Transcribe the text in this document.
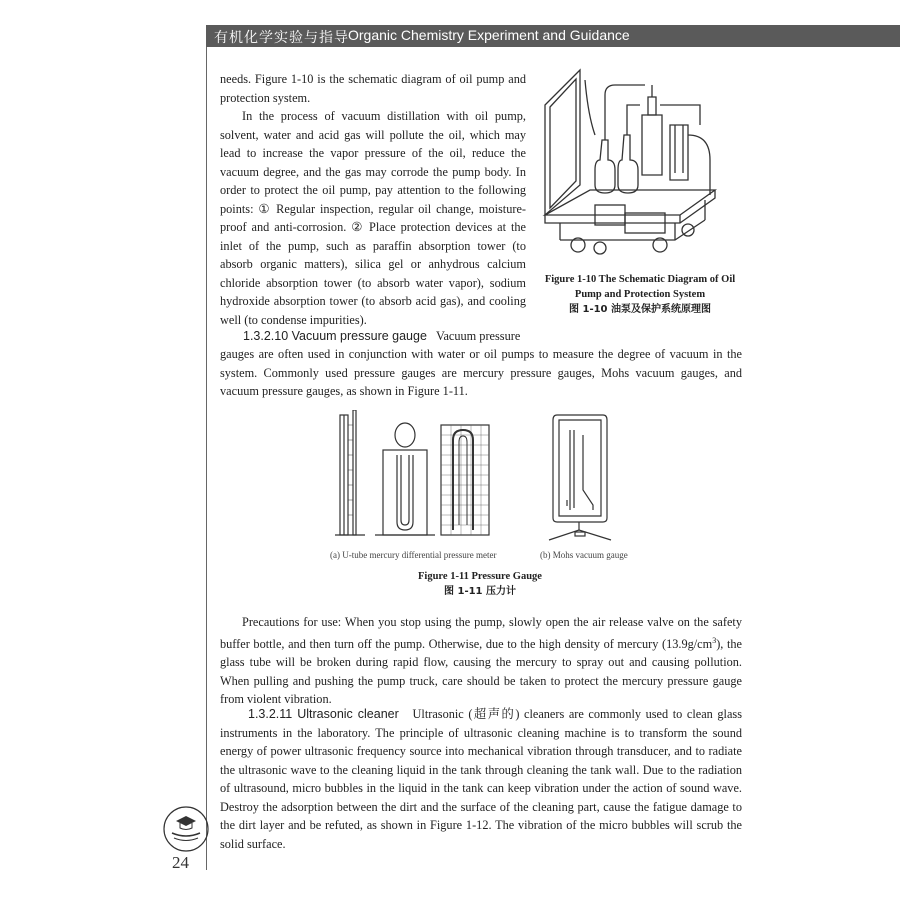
有机化学实验与指导 Organic Chemistry Experiment and Guidance

needs. Figure 1-10 is the schematic diagram of oil pump and protection system.

In the process of vacuum distillation with oil pump, solvent, water and acid gas will pollute the oil, which may lead to increase the vapor pressure of the oil, reduce the vacuum degree, and the gas may corrode the pump body. In order to protect the oil pump, pay attention to the following points: ① Regular inspection, regular oil change, moisture-proof and anti-corrosion. ② Place protection devices at the inlet of the pump, such as paraffin absorption tower (to absorb organic matters), silica gel or anhydrous calcium chloride absorption tower (to absorb water vapor), sodium hydroxide absorption tower (to absorb acid gas), and cooling well (to condense impurities).

1.3.2.10 Vacuum pressure gauge Vacuum pressure

gauges are often used in conjunction with water or oil pumps to measure the degree of vacuum in the system. Commonly used pressure gauges are mercury pressure gauges, Mohs vacuum gauges, and vacuum pressure gauges, as shown in Figure 1-11.

Figure 1-10 The Schematic Diagram of Oil
Pump and Protection System
图 1-10 油泵及保护系统原理图
(a) U-tube mercury differential pressure meter	(b) Mohs vacuum gauge
Figure 1-11 Pressure Gauge
图 1-11 压力计

Precautions for use: When you stop using the pump, slowly open the air release valve on the safety buffer bottle, and then turn off the pump. Otherwise, due to the high density of mercury $(13.9g/cm^3)$, the glass tube will be broken during rapid flow, causing the mercury to spray out and causing pollution. When pulling and pushing the pump truck, care should be taken to protect the mercury pressure gauge from violent vibration.

1.3.2.11 Ultrasonic cleaner Ultrasonic (超声的) cleaners are commonly used to clean glass instruments in the laboratory. The principle of ultrasonic cleaning machine is to transform the sound energy of power ultrasonic frequency source into mechanical vibration through transducer, and to radiate the ultrasonic wave to the cleaning liquid in the tank through cleaning the tank wall. Due to the radiation of ultrasound, micro bubbles in the liquid in the tank can keep vibration under the action of sound wave. Destroy the adsorption between the dirt and the surface of the cleaning part, cause the fatigue damage to the dirt layer and be refuted, as shown in Figure 1-12. The vibration of the micro bubbles will scrub the solid surface.

24
